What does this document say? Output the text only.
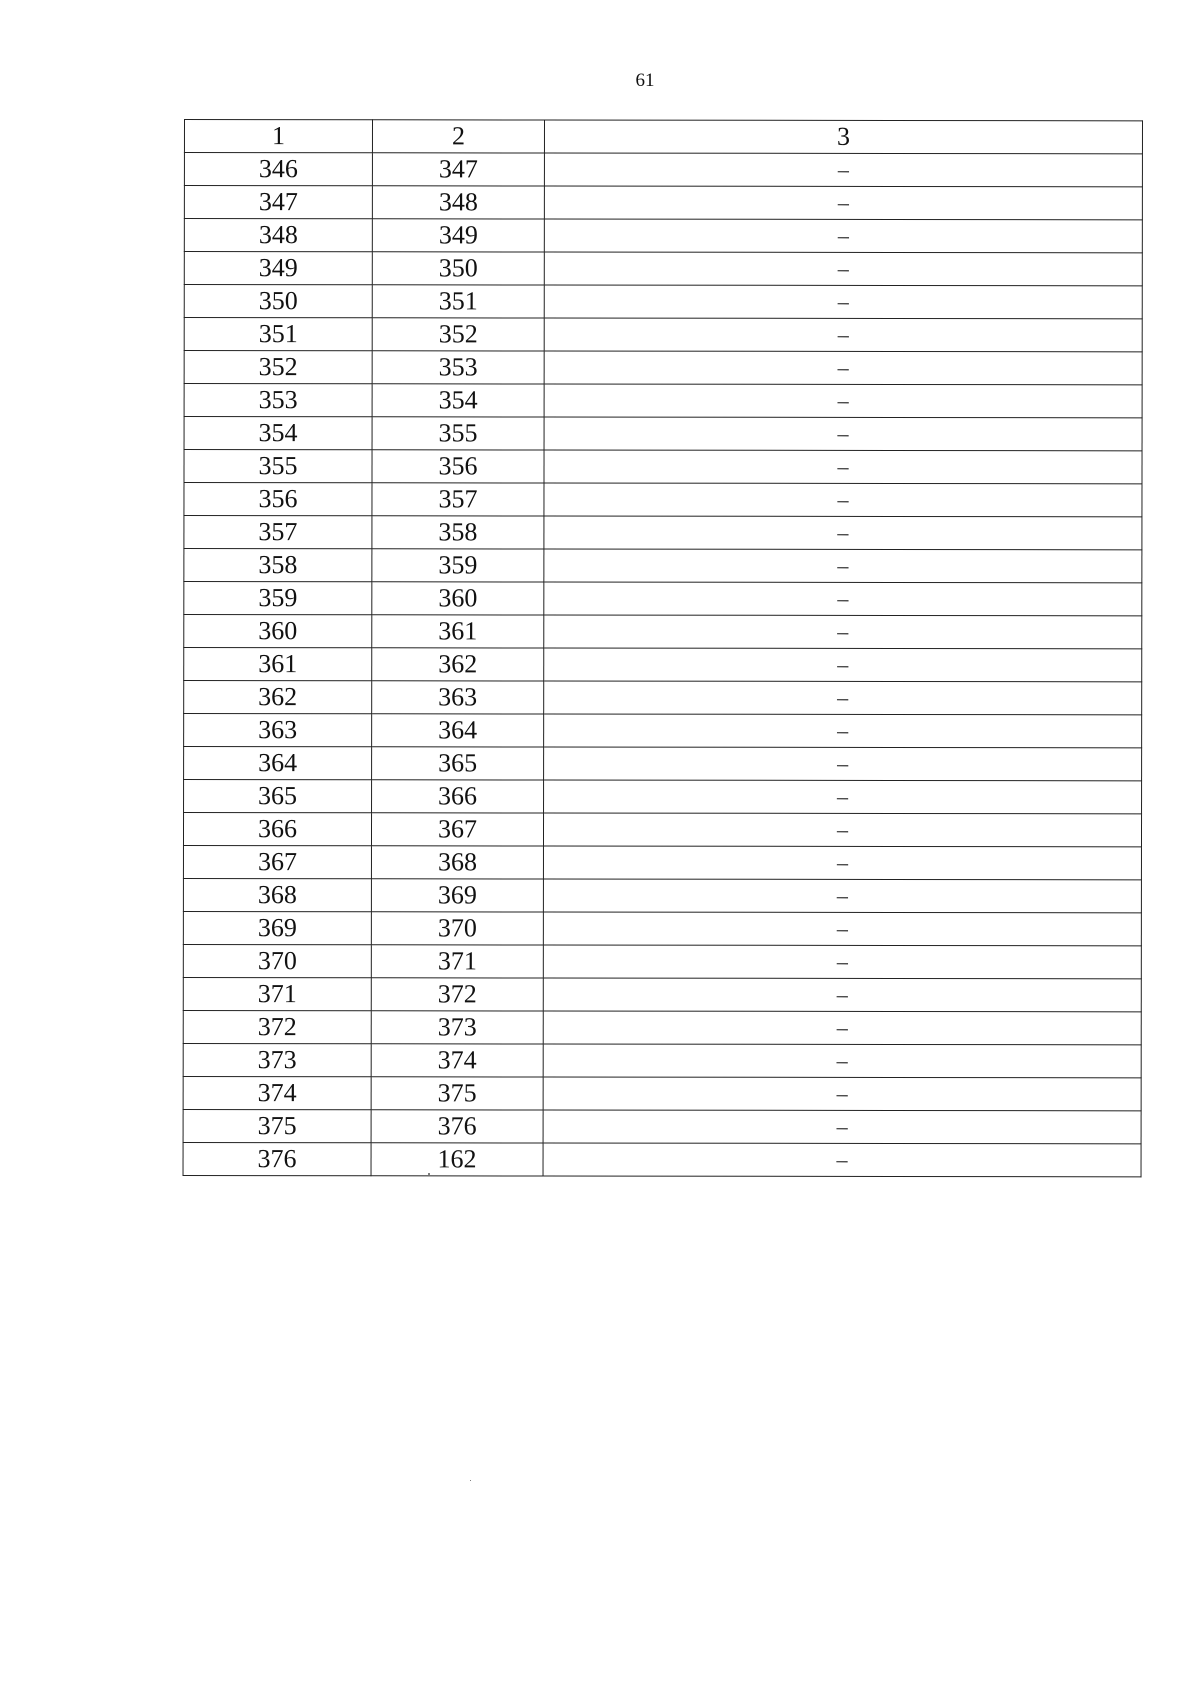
61
1	2	3
346	347	–
347	348	–
348	349	–
349	350	–
350	351	–
351	352	–
352	353	–
353	354	–
354	355	–
355	356	–
356	357	–
357	358	–
358	359	–
359	360	–
360	361	–
361	362	–
362	363	–
363	364	–
364	365	–
365	366	–
366	367	–
367	368	–
368	369	–
369	370	–
370	371	–
371	372	–
372	373	–
373	374	–
374	375	–
375	376	–
376	162	–
